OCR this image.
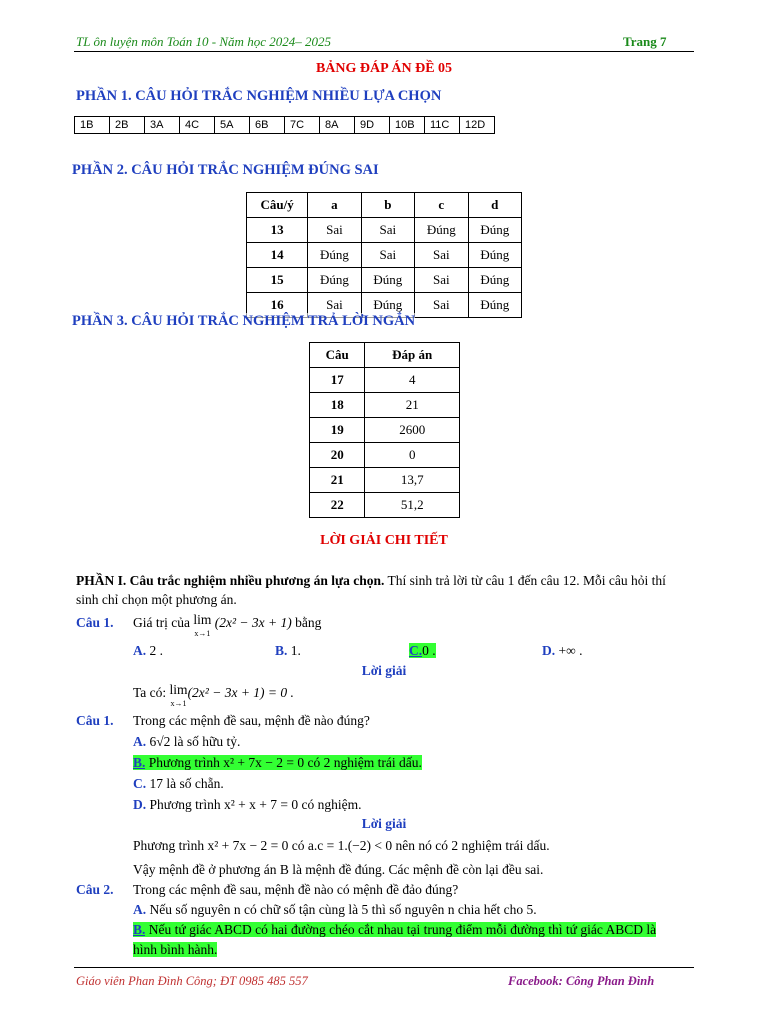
TL ôn luyện môn Toán 10 - Năm học 2024– 2025	Trang 7
BẢNG ĐÁP ÁN ĐỀ 05
PHẦN 1. CÂU HỎI TRẮC NGHIỆM NHIỀU LỰA CHỌN
1B	2B	3A	4C	5A	6B	7C	8A	9D	10B	11C	12D
PHẦN 2. CÂU HỎI TRẮC NGHIỆM ĐÚNG SAI
Câu/ý	a	b	c	d
13	Sai	Sai	Đúng	Đúng
14	Đúng	Sai	Sai	Đúng
15	Đúng	Đúng	Sai	Đúng
16	Sai	Đúng	Sai	Đúng
PHẦN 3. CÂU HỎI TRẮC NGHIỆM TRẢ LỜI NGẮN
Câu	Đáp án
17	4
18	21
19	2600
20	0
21	13,7
22	51,2
LỜI GIẢI CHI TIẾT
PHẦN I. Câu trắc nghiệm nhiều phương án lựa chọn. Thí sinh trả lời từ câu 1 đến câu 12. Mỗi câu hỏi thí
sinh chỉ chọn một phương án.
Câu 1. Giá trị của lim
x→1 (2x² − 3x + 1) bằng
A. 2 .	B. 1.	C.0 .	D. +∞ .
Lời giải
Ta có: lim
x→1(2x² − 3x + 1) = 0 .
Câu 1. Trong các mệnh đề sau, mệnh đề nào đúng?
A. 6√2 là số hữu tỷ.
B. Phương trình x² + 7x − 2 = 0 có 2 nghiệm trái dấu.
C. 17 là số chẵn.
D. Phương trình x² + x + 7 = 0 có nghiệm.
Lời giải
Phương trình x² + 7x − 2 = 0 có a.c = 1.(−2) < 0 nên nó có 2 nghiệm trái dấu.
Vậy mệnh đề ở phương án B là mệnh đề đúng. Các mệnh đề còn lại đều sai.
Câu 2. Trong các mệnh đề sau, mệnh đề nào có mệnh đề đảo đúng?
A. Nếu số nguyên n có chữ số tận cùng là 5 thì số nguyên n chia hết cho 5.
B. Nếu tứ giác ABCD có hai đường chéo cắt nhau tại trung điểm mỗi đường thì tứ giác ABCD là
hình bình hành.
Giáo viên Phan Đình Công; ĐT 0985 485 557	Facebook: Công Phan Đình
